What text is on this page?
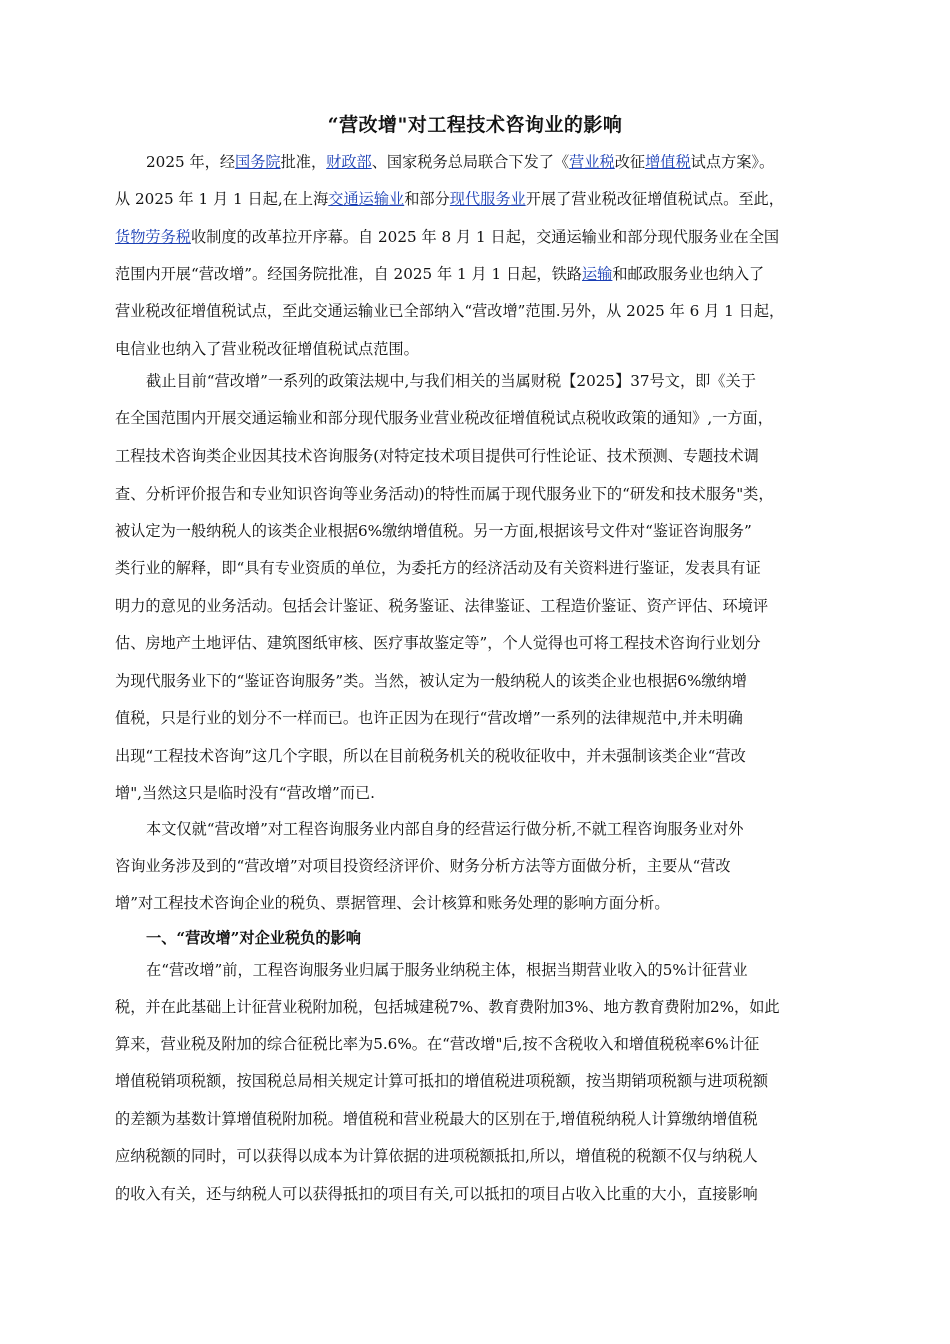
“营改增"对工程技术咨询业的影响
2025 年，经国务院批准，财政部、国家税务总局联合下发了《营业税改征增值税试点方案》。
从 2025 年 1 月 1 日起,在上海交通运输业和部分现代服务业开展了营业税改征增值税试点。至此，
货物劳务税收制度的改革拉开序幕。自 2025 年 8 月 1 日起，交通运输业和部分现代服务业在全国
范围内开展“营改增”。经国务院批准，自 2025 年 1 月 1 日起，铁路运输和邮政服务业也纳入了
营业税改征增值税试点，至此交通运输业已全部纳入“营改增”范围.另外，从 2025 年 6 月 1 日起，
电信业也纳入了营业税改征增值税试点范围。
截止目前“营改增”一系列的政策法规中,与我们相关的当属财税【2025】37号文，即《关于
在全国范围内开展交通运输业和部分现代服务业营业税改征增值税试点税收政策的通知》,一方面，
工程技术咨询类企业因其技术咨询服务(对特定技术项目提供可行性论证、技术预测、专题技术调
查、分析评价报告和专业知识咨询等业务活动)的特性而属于现代服务业下的“研发和技术服务"类，
被认定为一般纳税人的该类企业根据6%缴纳增值税。另一方面,根据该号文件对“鉴证咨询服务”
类行业的解释，即“具有专业资质的单位，为委托方的经济活动及有关资料进行鉴证，发表具有证
明力的意见的业务活动。包括会计鉴证、税务鉴证、法律鉴证、工程造价鉴证、资产评估、环境评
估、房地产土地评估、建筑图纸审核、医疗事故鉴定等”，个人觉得也可将工程技术咨询行业划分
为现代服务业下的“鉴证咨询服务”类。当然，被认定为一般纳税人的该类企业也根据6%缴纳增
值税，只是行业的划分不一样而已。也许正因为在现行“营改增”一系列的法律规范中,并未明确
出现“工程技术咨询”这几个字眼，所以在目前税务机关的税收征收中，并未强制该类企业“营改
增",当然这只是临时没有“营改增”而已.
本文仅就“营改增”对工程咨询服务业内部自身的经营运行做分析,不就工程咨询服务业对外
咨询业务涉及到的“营改增”对项目投资经济评价、财务分析方法等方面做分析，主要从“营改
增”对工程技术咨询企业的税负、票据管理、会计核算和账务处理的影响方面分析。
一、“营改增”对企业税负的影响
在“营改增”前，工程咨询服务业归属于服务业纳税主体，根据当期营业收入的5%计征营业
税，并在此基础上计征营业税附加税，包括城建税7%、教育费附加3%、地方教育费附加2%，如此
算来，营业税及附加的综合征税比率为5.6%。在“营改增"后,按不含税收入和增值税税率6%计征
增值税销项税额，按国税总局相关规定计算可抵扣的增值税进项税额，按当期销项税额与进项税额
的差额为基数计算增值税附加税。增值税和营业税最大的区别在于,增值税纳税人计算缴纳增值税
应纳税额的同时，可以获得以成本为计算依据的进项税额抵扣,所以，增值税的税额不仅与纳税人
的收入有关，还与纳税人可以获得抵扣的项目有关,可以抵扣的项目占收入比重的大小，直接影响
